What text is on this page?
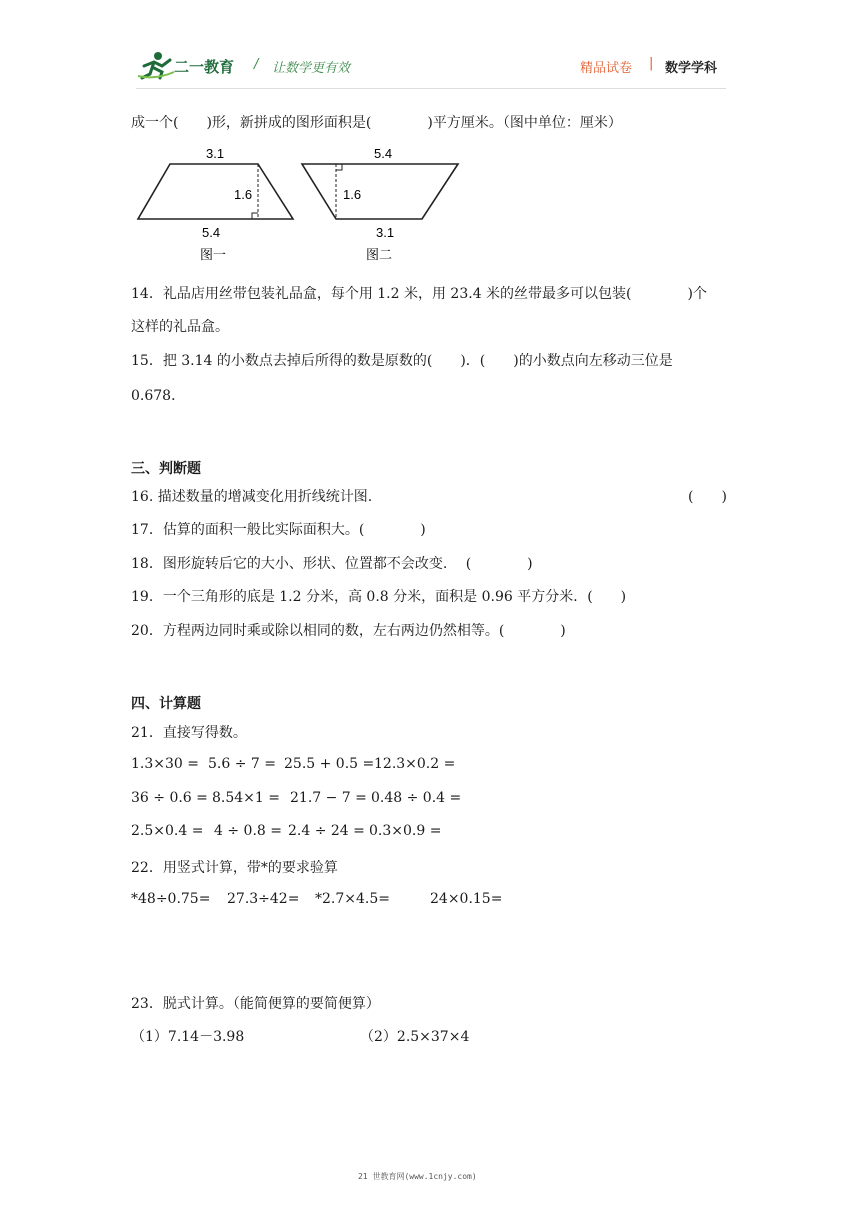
二一教育 / 让数学更有效	精品试卷 | 数学学科
成一个(　　)形，新拼成的图形面积是(　　　　)平方厘米。（图中单位：厘米）
3.1
1.6
5.4
图一
5.4
1.6
3.1
图二
14．礼品店用丝带包装礼品盒，每个用 1.2 米，用 23.4 米的丝带最多可以包装(　　　　)个
这样的礼品盒。
15．把 3.14 的小数点去掉后所得的数是原数的(　　)．(　　)的小数点向左移动三位是
0.678．
三、判断题
16. 描述数量的增减变化用折线统计图.	(　　)
17．估算的面积一般比实际面积大。(　　　　)
18．图形旋转后它的大小、形状、位置都不会改变.　 (　　　　)
19．一个三角形的底是 1.2 分米，高 0.8 分米，面积是 0.96 平方分米．(　　)
20．方程两边同时乘或除以相同的数，左右两边仍然相等。(　　　　)
四、计算题
21．直接写得数。
1.3×30 = 5.6 ÷ 7 = 25.5 + 0.5 = 12.3×0.2 =
36 ÷ 0.6 = 8.54×1 = 21.7 − 7 = 0.48 ÷ 0.4 =
2.5×0.4 = 4 ÷ 0.8 = 2.4 ÷ 24 = 0.3×0.9 =
22．用竖式计算，带*的要求验算
*48÷0.75= 27.3÷42= *2.7×4.5=	24×0.15=
23．脱式计算。（能简便算的要简便算）
（1）7.14－3.98	（2）2.5×37×4
21 世教育网(www.1cnjy.com)
